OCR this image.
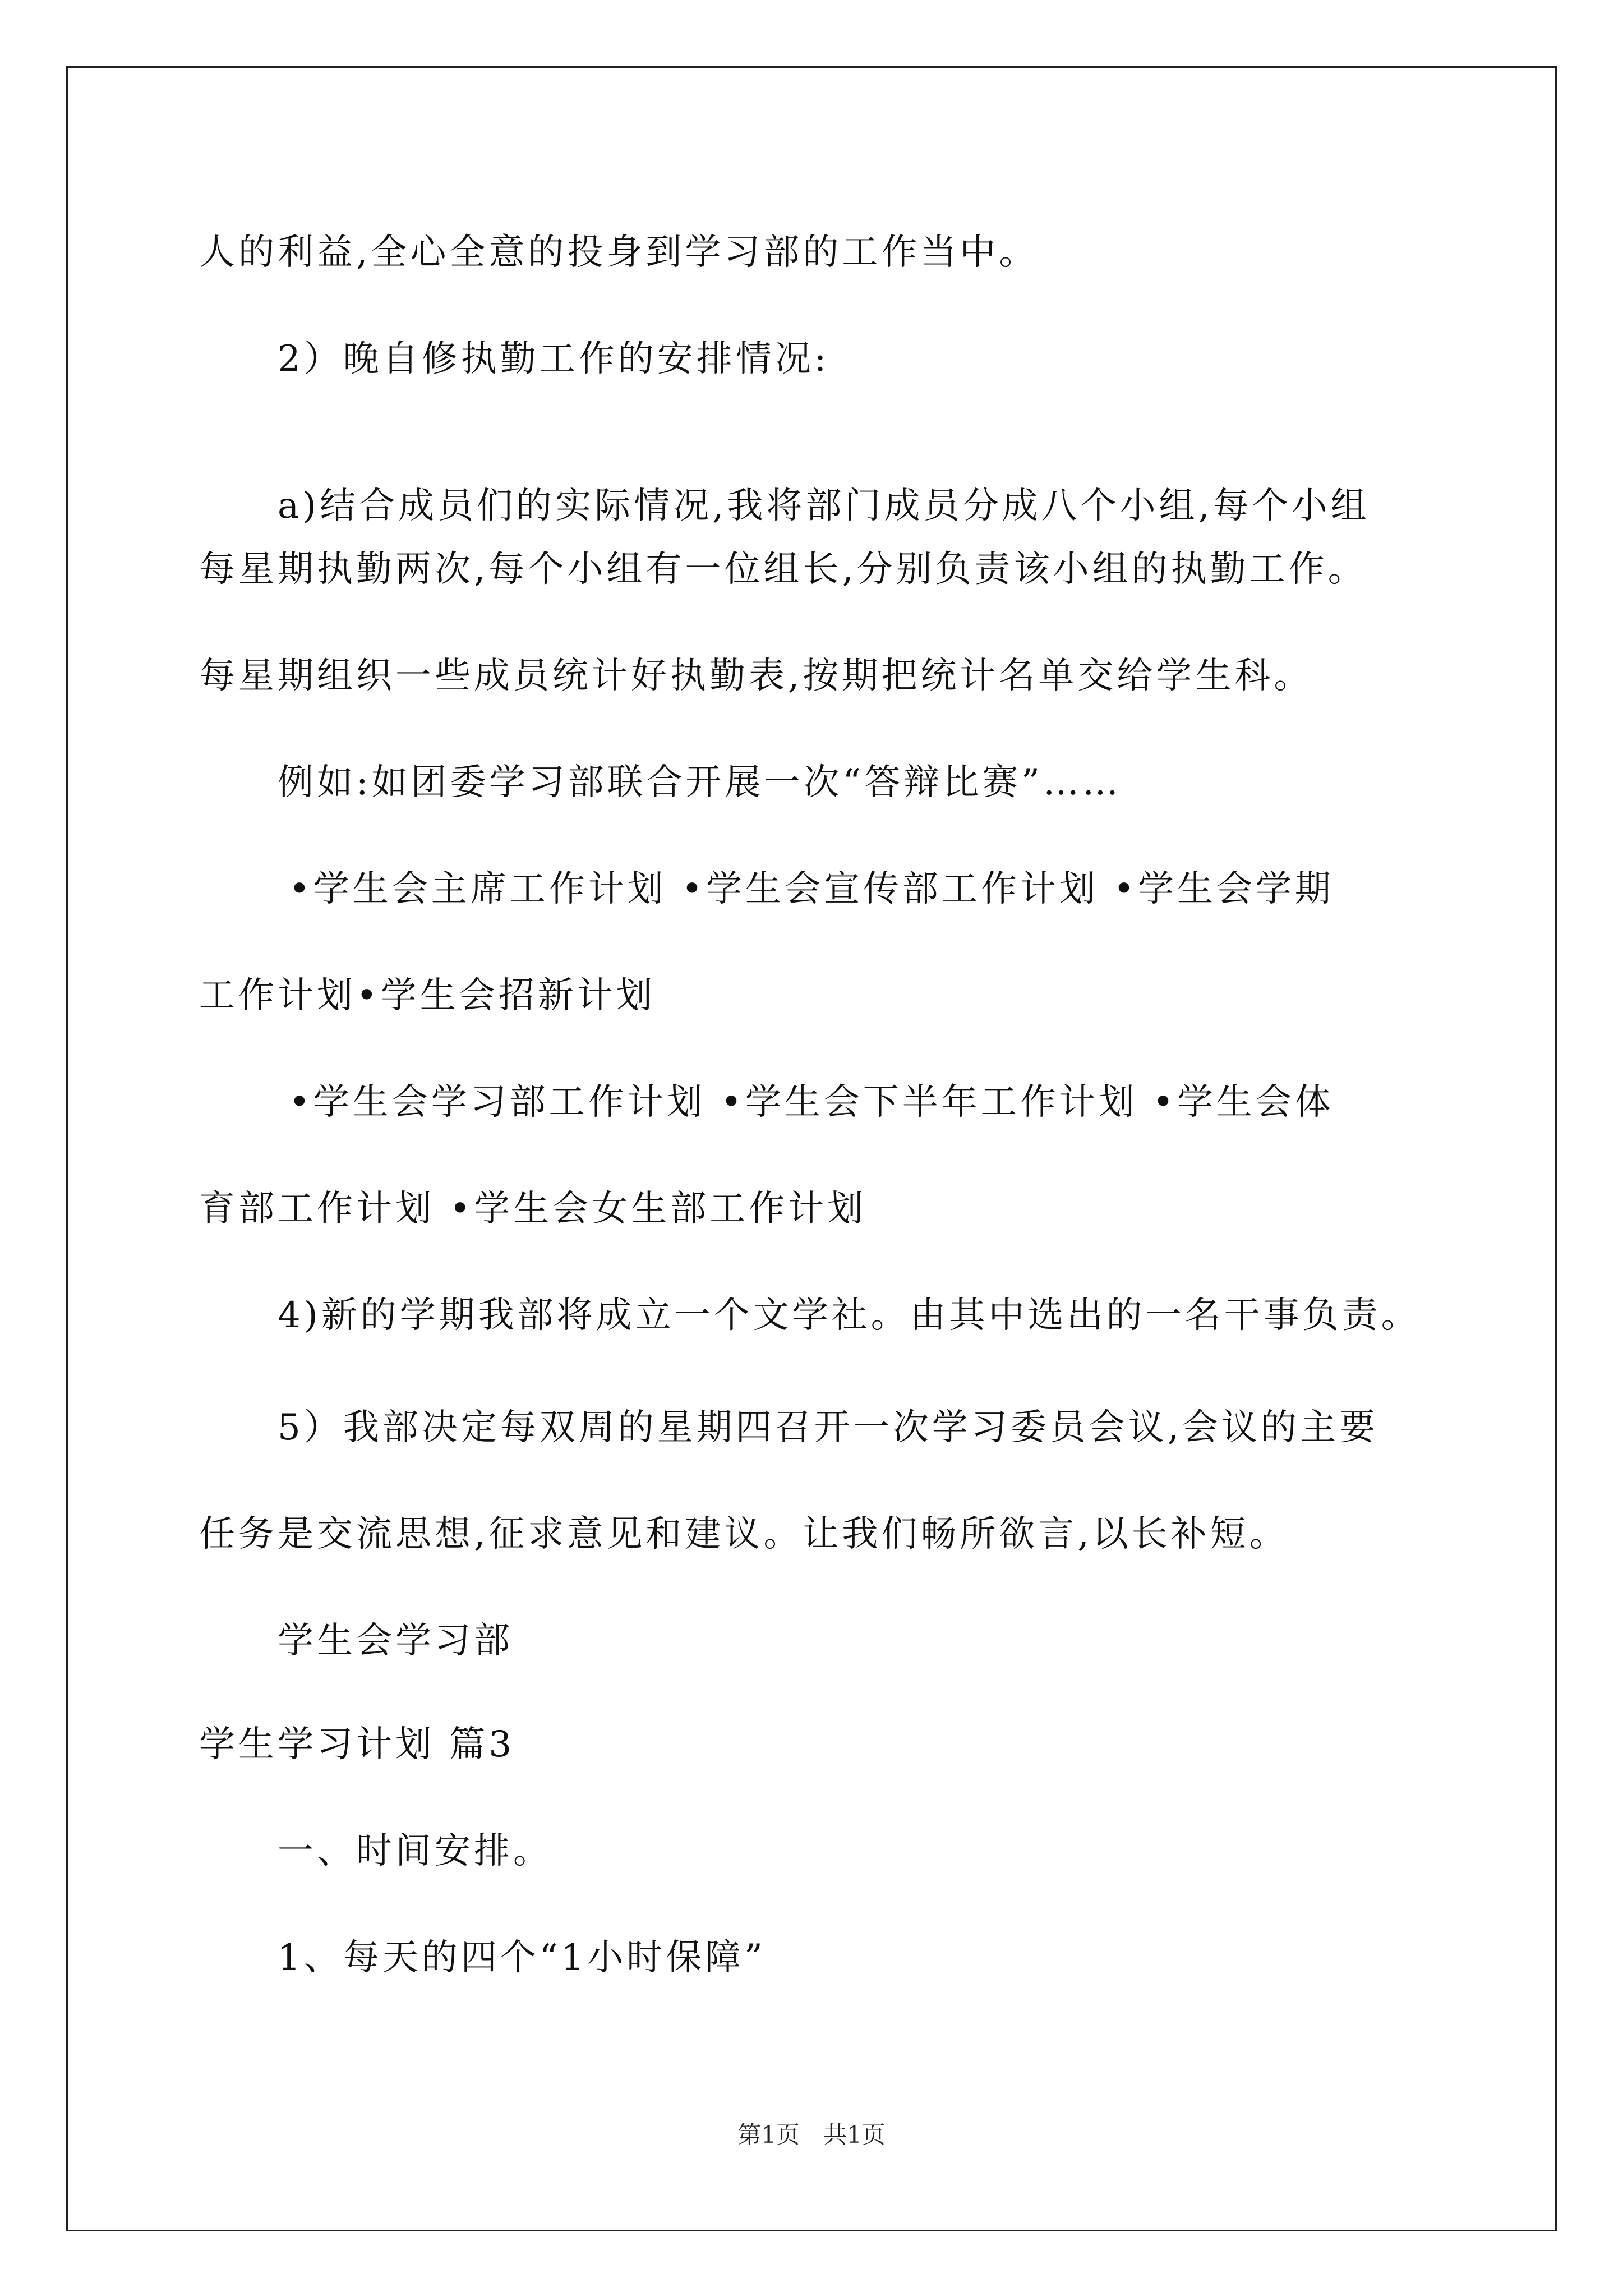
人的利益,全心全意的投身到学习部的工作当中。
2）晚自修执勤工作的安排情况:
a)结合成员们的实际情况,我将部门成员分成八个小组,每个小组
每星期执勤两次,每个小组有一位组长,分别负责该小组的执勤工作。
每星期组织一些成员统计好执勤表,按期把统计名单交给学生科。
例如:如团委学习部联合开展一次“答辩比赛”……
•学生会主席工作计划 •学生会宣传部工作计划 •学生会学期
工作计划•学生会招新计划
•学生会学习部工作计划 •学生会下半年工作计划 •学生会体
育部工作计划 •学生会女生部工作计划
4)新的学期我部将成立一个文学社。由其中选出的一名干事负责。
5）我部决定每双周的星期四召开一次学习委员会议,会议的主要
任务是交流思想,征求意见和建议。让我们畅所欲言,以长补短。
学生会学习部
学生学习计划 篇3
一、时间安排。
1、每天的四个“1小时保障”
第1页　共1页
